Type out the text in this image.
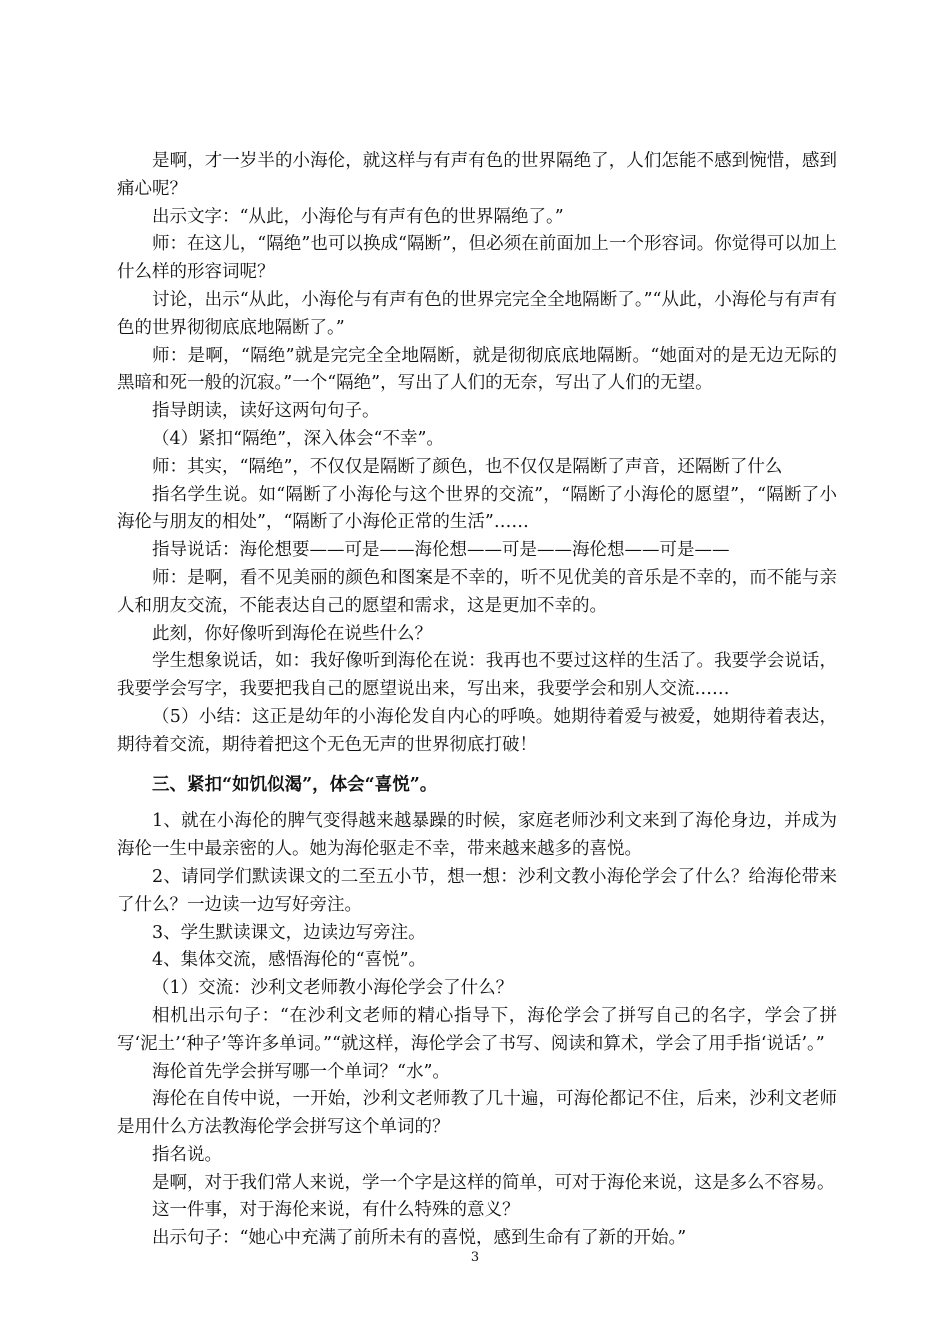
是啊，才一岁半的小海伦，就这样与有声有色的世界隔绝了，人们怎能不感到惋惜，感到痛心呢？

出示文字：“从此，小海伦与有声有色的世界隔绝了。”

师：在这儿，“隔绝”也可以换成“隔断”，但必须在前面加上一个形容词。你觉得可以加上什么样的形容词呢？

讨论，出示“从此，小海伦与有声有色的世界完完全全地隔断了。”“从此，小海伦与有声有色的世界彻彻底底地隔断了。”

师：是啊，“隔绝”就是完完全全地隔断，就是彻彻底底地隔断。“她面对的是无边无际的黑暗和死一般的沉寂。”一个“隔绝”，写出了人们的无奈，写出了人们的无望。

指导朗读，读好这两句句子。

（4）紧扣“隔绝”，深入体会“不幸”。

师：其实，“隔绝”，不仅仅是隔断了颜色，也不仅仅是隔断了声音，还隔断了什么

指名学生说。如“隔断了小海伦与这个世界的交流”，“隔断了小海伦的愿望”，“隔断了小海伦与朋友的相处”，“隔断了小海伦正常的生活”……

指导说话：海伦想要——可是——海伦想——可是——海伦想——可是——

师：是啊，看不见美丽的颜色和图案是不幸的，听不见优美的音乐是不幸的，而不能与亲人和朋友交流，不能表达自己的愿望和需求，这是更加不幸的。

此刻，你好像听到海伦在说些什么？

学生想象说话，如：我好像听到海伦在说：我再也不要过这样的生活了。我要学会说话，我要学会写字，我要把我自己的愿望说出来，写出来，我要学会和别人交流……

（5）小结：这正是幼年的小海伦发自内心的呼唤。她期待着爱与被爱，她期待着表达，期待着交流，期待着把这个无色无声的世界彻底打破！

三、紧扣“如饥似渴”，体会“喜悦”。

1、就在小海伦的脾气变得越来越暴躁的时候，家庭老师沙利文来到了海伦身边，并成为海伦一生中最亲密的人。她为海伦驱走不幸，带来越来越多的喜悦。

2、请同学们默读课文的二至五小节，想一想：沙利文教小海伦学会了什么？给海伦带来了什么？一边读一边写好旁注。

3、学生默读课文，边读边写旁注。

4、集体交流，感悟海伦的“喜悦”。

（1）交流：沙利文老师教小海伦学会了什么？

相机出示句子：“在沙利文老师的精心指导下，海伦学会了拼写自己的名字，学会了拼写‘泥土’‘种子’等许多单词。”“就这样，海伦学会了书写、阅读和算术，学会了用手指‘说话’。”

海伦首先学会拼写哪一个单词？“水”。

海伦在自传中说，一开始，沙利文老师教了几十遍，可海伦都记不住，后来，沙利文老师是用什么方法教海伦学会拼写这个单词的？

指名说。

是啊，对于我们常人来说，学一个字是这样的简单，可对于海伦来说，这是多么不容易。

这一件事，对于海伦来说，有什么特殊的意义？

出示句子：“她心中充满了前所未有的喜悦，感到生命有了新的开始。”

3
